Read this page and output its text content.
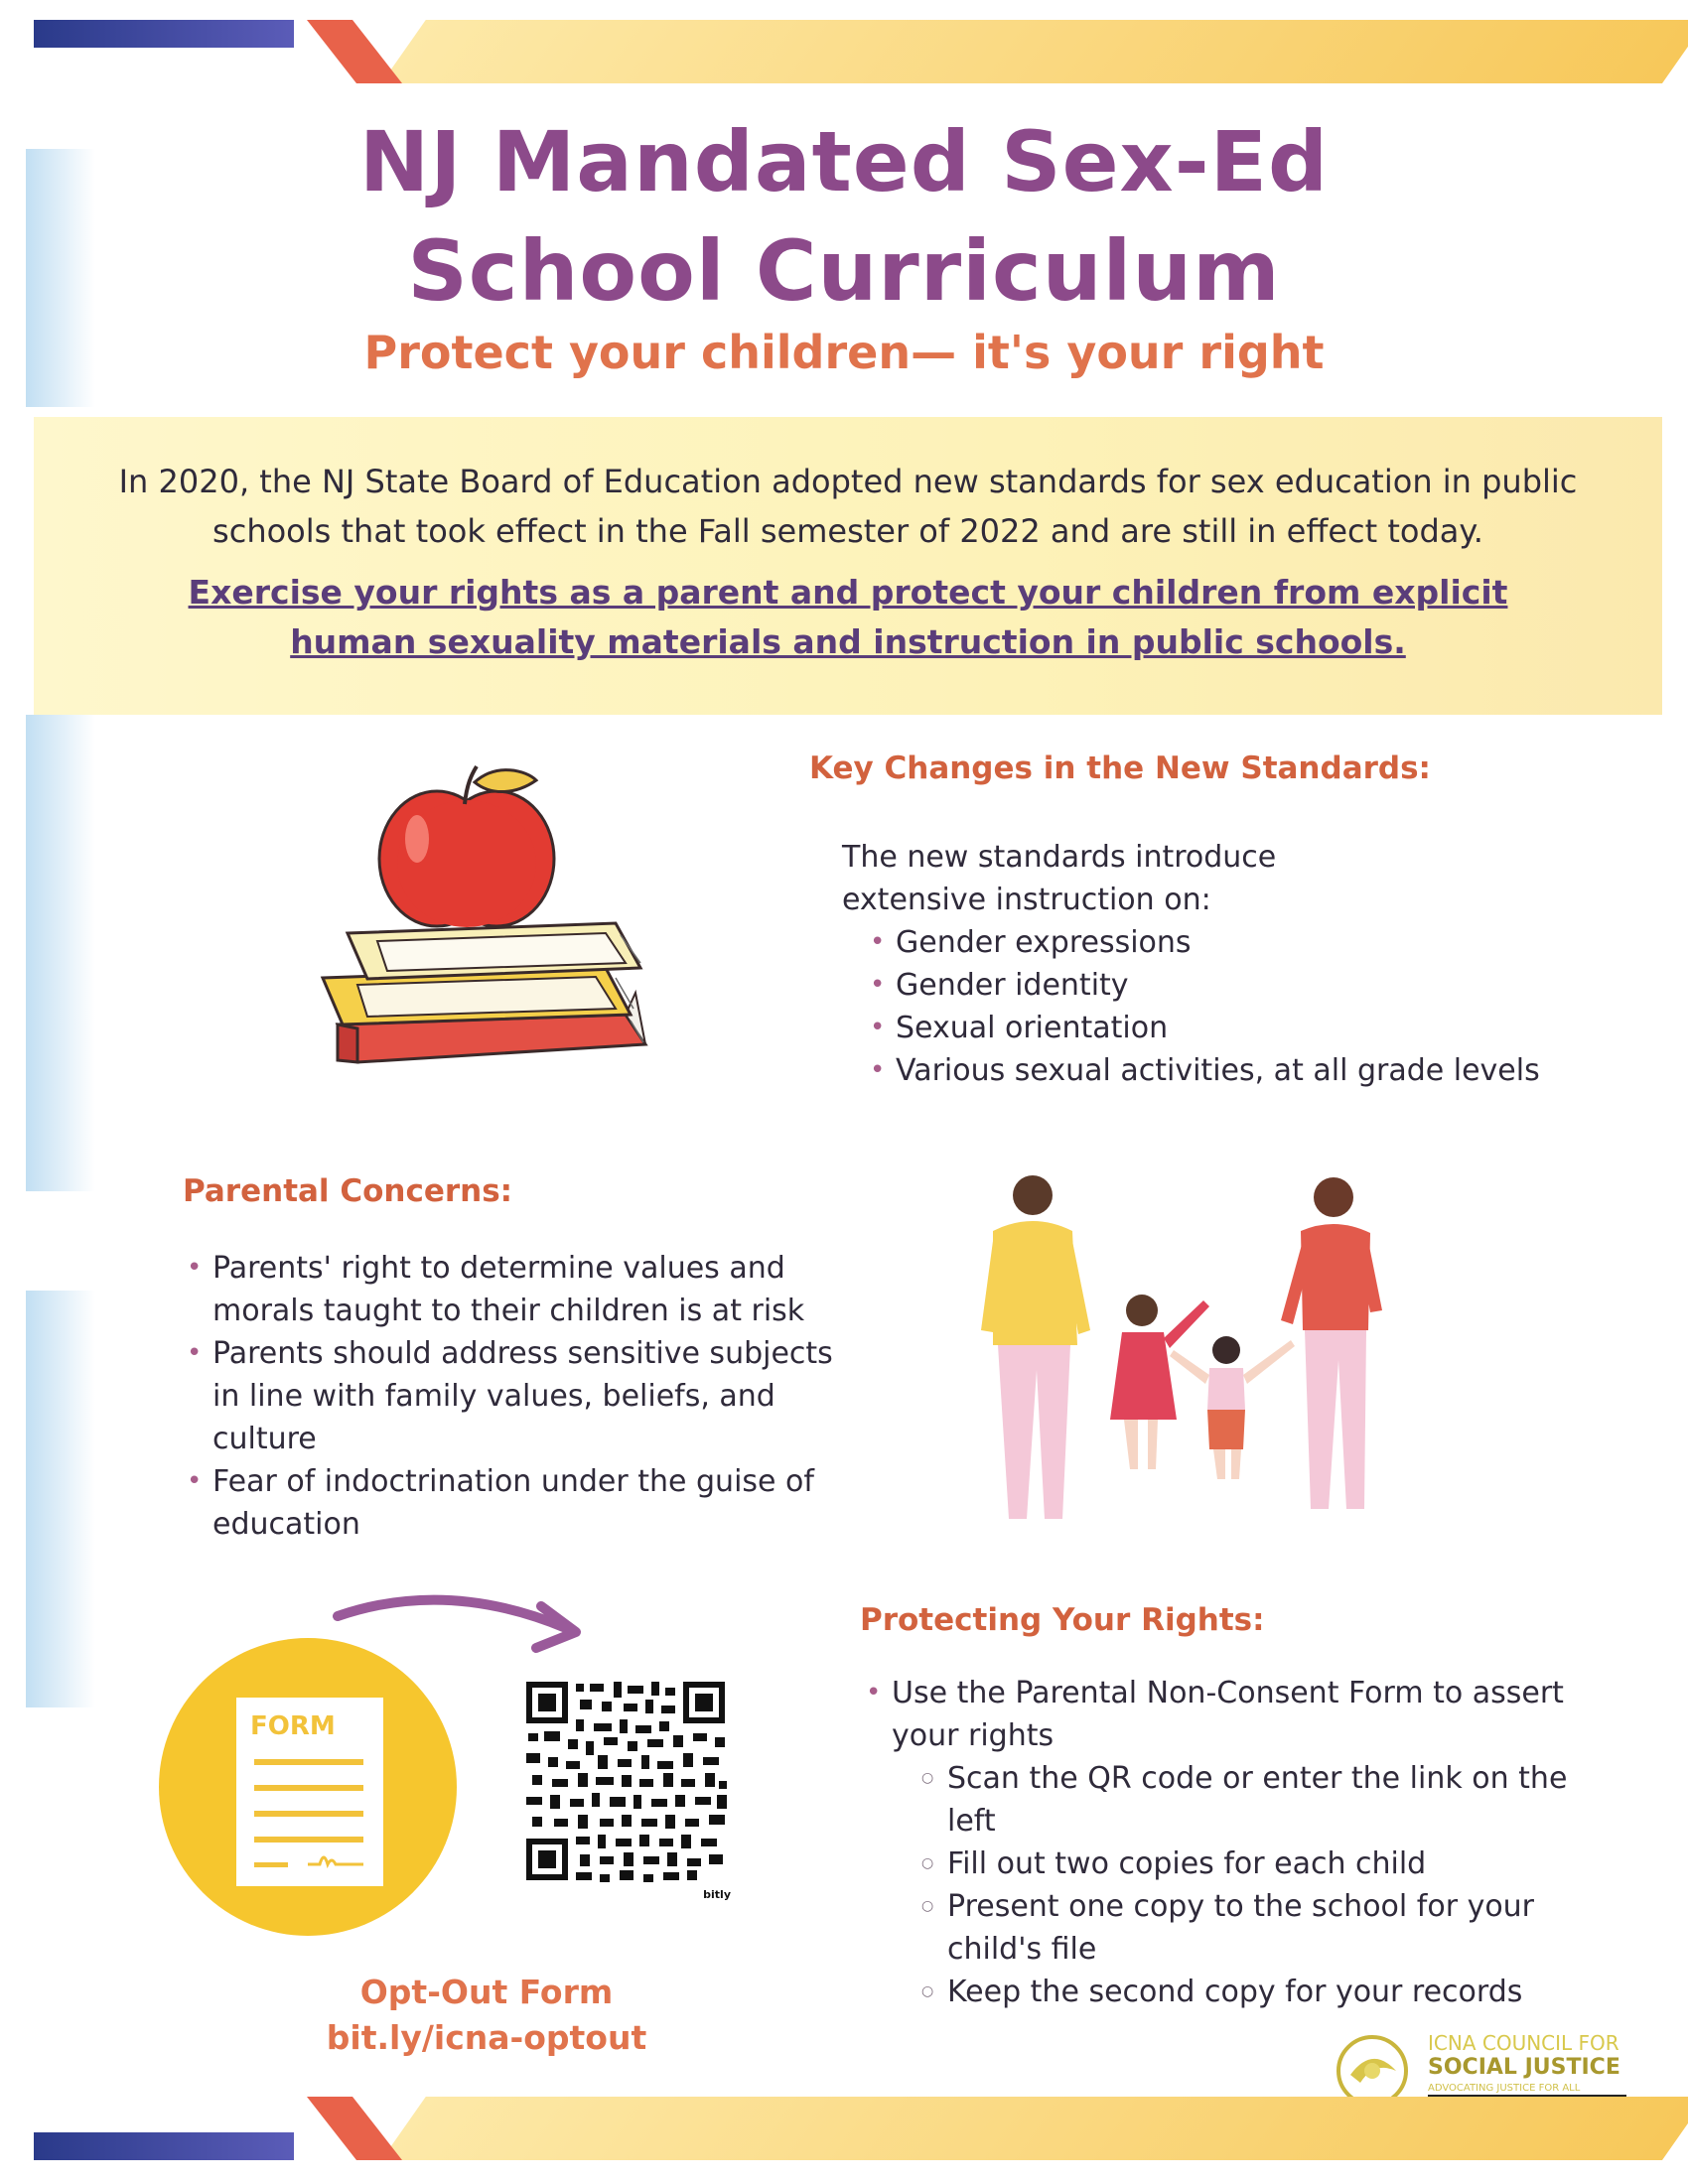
NJ Mandated Sex-Ed
School Curriculum
Protect your children— it's your right
In 2020, the NJ State Board of Education adopted new standards for sex education in public schools that took effect in the Fall semester of 2022 and are still in effect today.
Exercise your rights as a parent and protect your children from explicit human sexuality materials and instruction in public schools.
Key Changes in the New Standards:
The new standards introduce extensive instruction on:
• Gender expressions
• Gender identity
• Sexual orientation
• Various sexual activities, at all grade levels
Parental Concerns:
• Parents' right to determine values and morals taught to their children is at risk
• Parents should address sensitive subjects in line with family values, beliefs, and culture
• Fear of indoctrination under the guise of education
FORM
bitly
Opt-Out Form
bit.ly/icna-optout
Protecting Your Rights:
• Use the Parental Non-Consent Form to assert your rights
○ Scan the QR code or enter the link on the left
○ Fill out two copies for each child
○ Present one copy to the school for your child's file
○ Keep the second copy for your records
ICNA COUNCIL FOR
SOCIAL JUSTICE
ADVOCATING JUSTICE FOR ALL
